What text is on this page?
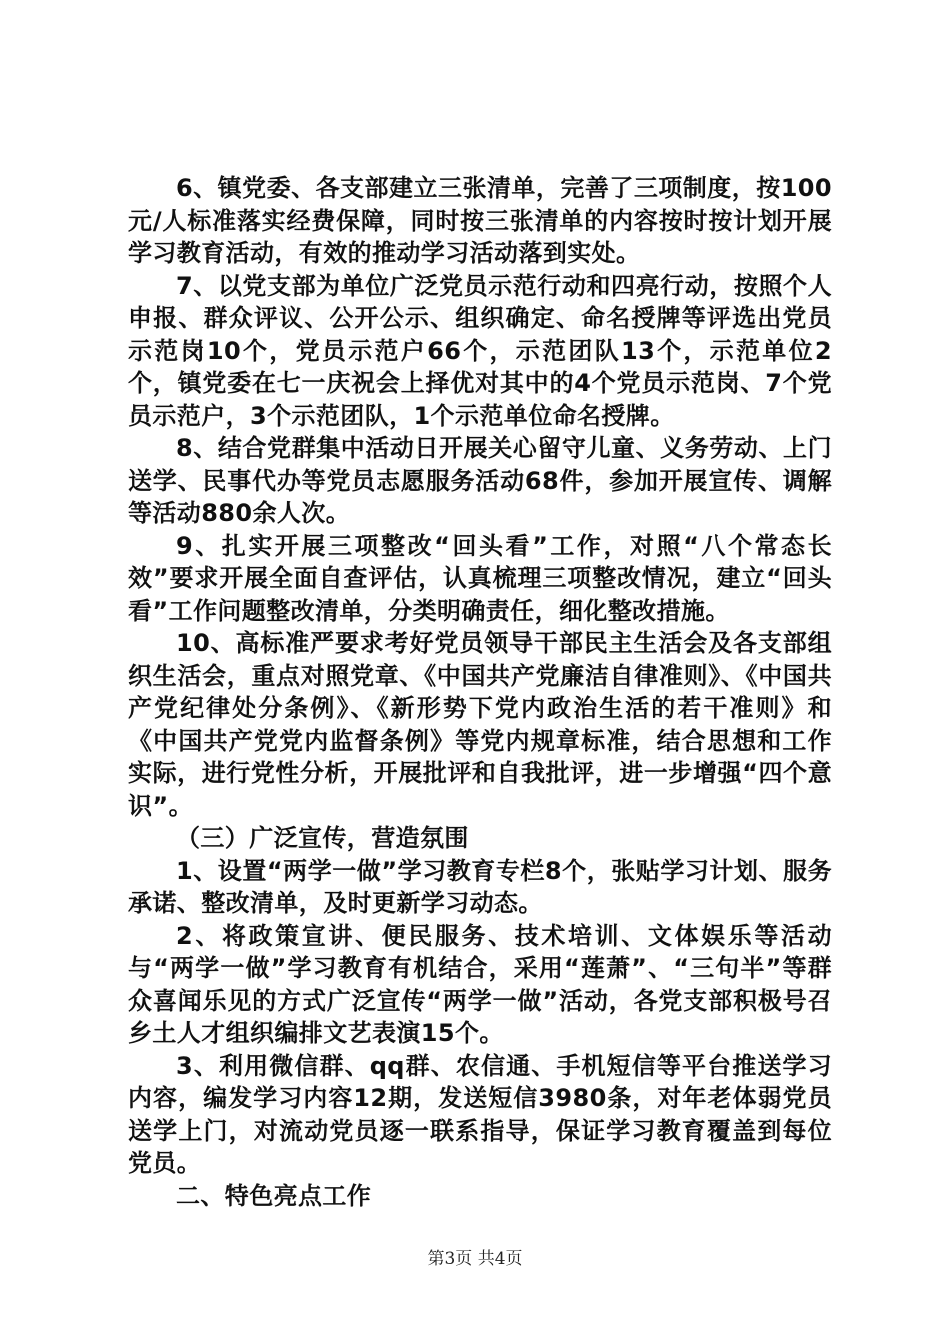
6、镇党委、各支部建立三张清单，完善了三项制度，按100元/人标准落实经费保障，同时按三张清单的内容按时按计划开展学习教育活动，有效的推动学习活动落到实处。

7、以党支部为单位广泛党员示范行动和四亮行动，按照个人申报、群众评议、公开公示、组织确定、命名授牌等评选出党员示范岗10个，党员示范户66个，示范团队13个，示范单位2个，镇党委在七一庆祝会上择优对其中的4个党员示范岗、7个党员示范户，3个示范团队，1个示范单位命名授牌。

8、结合党群集中活动日开展关心留守儿童、义务劳动、上门送学、民事代办等党员志愿服务活动68件，参加开展宣传、调解等活动880余人次。

9、扎实开展三项整改“回头看”工作，对照“八个常态长效”要求开展全面自查评估，认真梳理三项整改情况，建立“回头看”工作问题整改清单，分类明确责任，细化整改措施。

10、高标准严要求考好党员领导干部民主生活会及各支部组织生活会，重点对照党章、《中国共产党廉洁自律准则》、《中国共产党纪律处分条例》、《新形势下党内政治生活的若干准则》和《中国共产党党内监督条例》等党内规章标准，结合思想和工作实际，进行党性分析，开展批评和自我批评，进一步增强“四个意识”。

（三）广泛宣传，营造氛围

1、设置“两学一做”学习教育专栏8个，张贴学习计划、服务承诺、整改清单，及时更新学习动态。

2、将政策宣讲、便民服务、技术培训、文体娱乐等活动与“两学一做”学习教育有机结合，采用“莲萧”、“三句半”等群众喜闻乐见的方式广泛宣传“两学一做”活动，各党支部积极号召乡土人才组织编排文艺表演15个。

3、利用微信群、qq群、农信通、手机短信等平台推送学习内容，编发学习内容12期，发送短信3980条，对年老体弱党员送学上门，对流动党员逐一联系指导，保证学习教育覆盖到每位党员。

二、特色亮点工作

第3页 共4页
